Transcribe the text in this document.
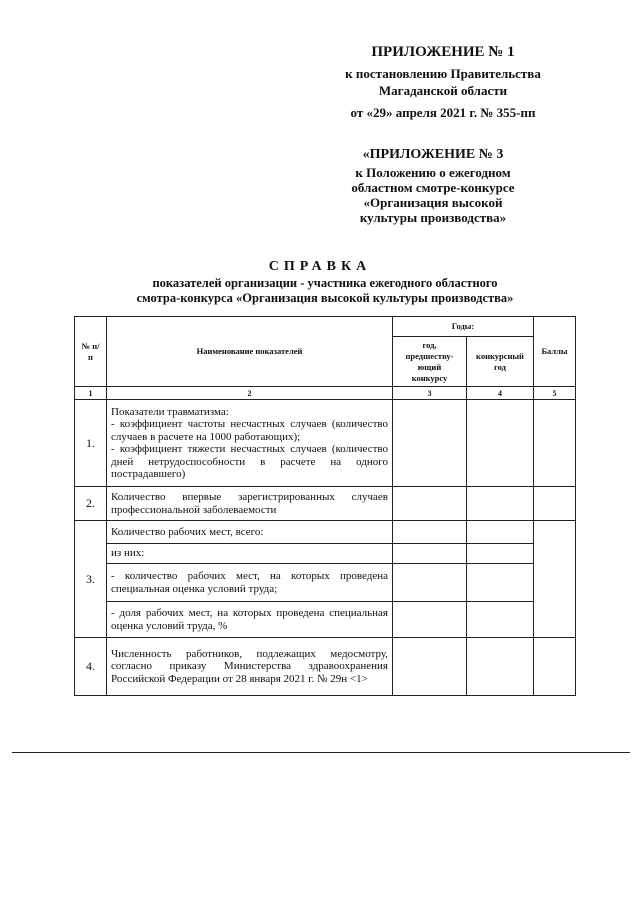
ПРИЛОЖЕНИЕ № 1
к постановлению Правительства
Магаданской области
от «29» апреля 2021 г. № 355-пп
«ПРИЛОЖЕНИЕ № 3
к Положению о ежегодном
областном смотре-конкурсе
«Организация высокой
культуры производства»
СПРАВКА
показателей организации - участника ежегодного областного
смотра-конкурса «Организация высокой культуры производства»
№ п/п	Наименование показателей	Годы:		Баллы

		год, предшеству-ющий конкурсу	конкурсный год	

1	2	3	4	5
1.	Показатели травматизма:
- коэффициент частоты несчастных случаев (количество случаев в расчете на 1000 работающих);
- коэффициент тяжести несчастных случаев (количество дней нетрудоспособности в расчете на одного пострадавшего)			

2.	Количество впервые зарегистрированных случаев профессиональной заболеваемости			
3.	Количество рабочих мест, всего:			
	из них:			
	- количество рабочих мест, на которых проведена специальная оценка условий труда;			
	- доля рабочих мест, на которых проведена специальная оценка условий труда, %			
4.	Численность работников, подлежащих медосмотру, согласно приказу Министерства здравоохранения Российской Федерации от 28 января 2021 г. № 29н <1>			
